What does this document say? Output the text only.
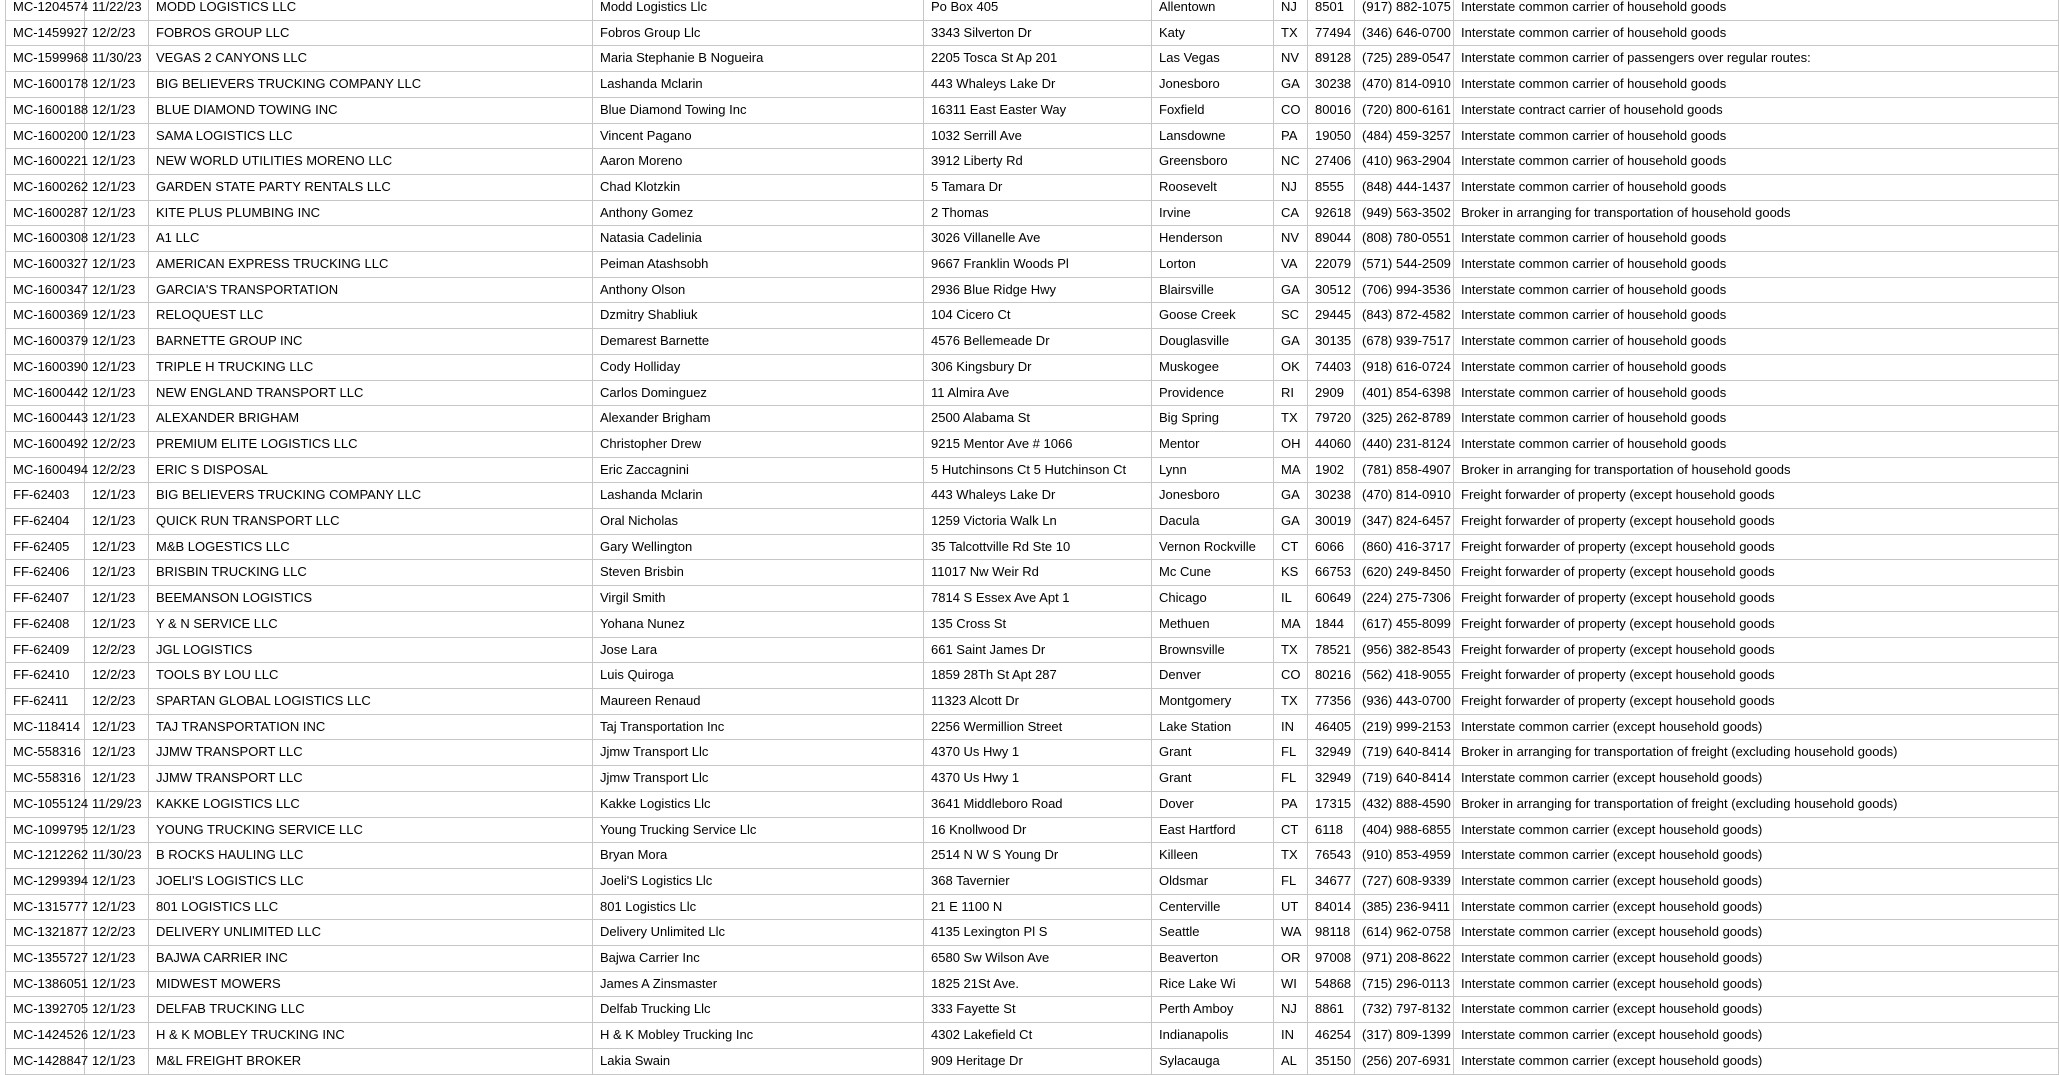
MC-1204574	11/22/23	MODD LOGISTICS LLC	Modd Logistics Llc	Po Box 405	Allentown	NJ	8501	(917) 882-1075	Interstate common carrier of household goods
MC-1459927	12/2/23	FOBROS GROUP LLC	Fobros Group Llc	3343 Silverton Dr	Katy	TX	77494	(346) 646-0700	Interstate common carrier of household goods
MC-1599968	11/30/23	VEGAS 2 CANYONS LLC	Maria Stephanie B Nogueira	2205 Tosca St Ap 201	Las Vegas	NV	89128	(725) 289-0547	Interstate common carrier of passengers over regular routes:
MC-1600178	12/1/23	BIG BELIEVERS TRUCKING COMPANY LLC	Lashanda Mclarin	443 Whaleys Lake Dr	Jonesboro	GA	30238	(470) 814-0910	Interstate common carrier of household goods
MC-1600188	12/1/23	BLUE DIAMOND TOWING INC	Blue Diamond Towing Inc	16311 East Easter Way	Foxfield	CO	80016	(720) 800-6161	Interstate contract carrier of household goods
MC-1600200	12/1/23	SAMA LOGISTICS LLC	Vincent Pagano	1032 Serrill Ave	Lansdowne	PA	19050	(484) 459-3257	Interstate common carrier of household goods
MC-1600221	12/1/23	NEW WORLD UTILITIES MORENO LLC	Aaron Moreno	3912 Liberty Rd	Greensboro	NC	27406	(410) 963-2904	Interstate common carrier of household goods
MC-1600262	12/1/23	GARDEN STATE PARTY RENTALS LLC	Chad Klotzkin	5 Tamara Dr	Roosevelt	NJ	8555	(848) 444-1437	Interstate common carrier of household goods
MC-1600287	12/1/23	KITE PLUS PLUMBING INC	Anthony Gomez	2 Thomas	Irvine	CA	92618	(949) 563-3502	Broker in arranging for transportation of household goods
MC-1600308	12/1/23	A1 LLC	Natasia Cadelinia	3026 Villanelle Ave	Henderson	NV	89044	(808) 780-0551	Interstate common carrier of household goods
MC-1600327	12/1/23	AMERICAN EXPRESS TRUCKING LLC	Peiman Atashsobh	9667 Franklin Woods Pl	Lorton	VA	22079	(571) 544-2509	Interstate common carrier of household goods
MC-1600347	12/1/23	GARCIA'S TRANSPORTATION	Anthony Olson	2936 Blue Ridge Hwy	Blairsville	GA	30512	(706) 994-3536	Interstate common carrier of household goods
MC-1600369	12/1/23	RELOQUEST LLC	Dzmitry Shabliuk	104 Cicero Ct	Goose Creek	SC	29445	(843) 872-4582	Interstate common carrier of household goods
MC-1600379	12/1/23	BARNETTE GROUP INC	Demarest Barnette	4576 Bellemeade Dr	Douglasville	GA	30135	(678) 939-7517	Interstate common carrier of household goods
MC-1600390	12/1/23	TRIPLE H TRUCKING LLC	Cody Holliday	306 Kingsbury Dr	Muskogee	OK	74403	(918) 616-0724	Interstate common carrier of household goods
MC-1600442	12/1/23	NEW ENGLAND TRANSPORT LLC	Carlos Dominguez	11 Almira Ave	Providence	RI	2909	(401) 854-6398	Interstate common carrier of household goods
MC-1600443	12/1/23	ALEXANDER BRIGHAM	Alexander Brigham	2500 Alabama St	Big Spring	TX	79720	(325) 262-8789	Interstate common carrier of household goods
MC-1600492	12/2/23	PREMIUM ELITE LOGISTICS LLC	Christopher Drew	9215 Mentor Ave # 1066	Mentor	OH	44060	(440) 231-8124	Interstate common carrier of household goods
MC-1600494	12/2/23	ERIC S DISPOSAL	Eric Zaccagnini	5 Hutchinsons Ct 5 Hutchinson Ct	Lynn	MA	1902	(781) 858-4907	Broker in arranging for transportation of household goods
FF-62403	12/1/23	BIG BELIEVERS TRUCKING COMPANY LLC	Lashanda Mclarin	443 Whaleys Lake Dr	Jonesboro	GA	30238	(470) 814-0910	Freight forwarder of property (except household goods
FF-62404	12/1/23	QUICK RUN TRANSPORT LLC	Oral Nicholas	1259 Victoria Walk Ln	Dacula	GA	30019	(347) 824-6457	Freight forwarder of property (except household goods
FF-62405	12/1/23	M&B LOGESTICS LLC	Gary Wellington	35 Talcottville Rd Ste 10	Vernon Rockville	CT	6066	(860) 416-3717	Freight forwarder of property (except household goods
FF-62406	12/1/23	BRISBIN TRUCKING LLC	Steven Brisbin	11017 Nw Weir Rd	Mc Cune	KS	66753	(620) 249-8450	Freight forwarder of property (except household goods
FF-62407	12/1/23	BEEMANSON LOGISTICS	Virgil Smith	7814 S Essex Ave Apt 1	Chicago	IL	60649	(224) 275-7306	Freight forwarder of property (except household goods
FF-62408	12/1/23	Y & N SERVICE LLC	Yohana Nunez	135 Cross St	Methuen	MA	1844	(617) 455-8099	Freight forwarder of property (except household goods
FF-62409	12/2/23	JGL LOGISTICS	Jose Lara	661 Saint James Dr	Brownsville	TX	78521	(956) 382-8543	Freight forwarder of property (except household goods
FF-62410	12/2/23	TOOLS BY LOU LLC	Luis Quiroga	1859 28Th St Apt 287	Denver	CO	80216	(562) 418-9055	Freight forwarder of property (except household goods
FF-62411	12/2/23	SPARTAN GLOBAL LOGISTICS LLC	Maureen Renaud	11323 Alcott Dr	Montgomery	TX	77356	(936) 443-0700	Freight forwarder of property (except household goods
MC-118414	12/1/23	TAJ TRANSPORTATION INC	Taj Transportation Inc	2256 Wermillion Street	Lake Station	IN	46405	(219) 999-2153	Interstate common carrier (except household goods)
MC-558316	12/1/23	JJMW TRANSPORT LLC	Jjmw Transport Llc	4370 Us Hwy 1	Grant	FL	32949	(719) 640-8414	Broker in arranging for transportation of freight (excluding household goods)
MC-558316	12/1/23	JJMW TRANSPORT LLC	Jjmw Transport Llc	4370 Us Hwy 1	Grant	FL	32949	(719) 640-8414	Interstate common carrier (except household goods)
MC-1055124	11/29/23	KAKKE LOGISTICS LLC	Kakke Logistics Llc	3641 Middleboro Road	Dover	PA	17315	(432) 888-4590	Broker in arranging for transportation of freight (excluding household goods)
MC-1099795	12/1/23	YOUNG TRUCKING SERVICE LLC	Young Trucking Service Llc	16 Knollwood Dr	East Hartford	CT	6118	(404) 988-6855	Interstate common carrier (except household goods)
MC-1212262	11/30/23	B ROCKS HAULING LLC	Bryan Mora	2514 N W S Young Dr	Killeen	TX	76543	(910) 853-4959	Interstate common carrier (except household goods)
MC-1299394	12/1/23	JOELI'S LOGISTICS LLC	Joeli'S Logistics Llc	368 Tavernier	Oldsmar	FL	34677	(727) 608-9339	Interstate common carrier (except household goods)
MC-1315777	12/1/23	801 LOGISTICS LLC	801 Logistics Llc	21 E 1100 N	Centerville	UT	84014	(385) 236-9411	Interstate common carrier (except household goods)
MC-1321877	12/2/23	DELIVERY UNLIMITED LLC	Delivery Unlimited Llc	4135 Lexington Pl S	Seattle	WA	98118	(614) 962-0758	Interstate common carrier (except household goods)
MC-1355727	12/1/23	BAJWA CARRIER INC	Bajwa Carrier Inc	6580 Sw Wilson Ave	Beaverton	OR	97008	(971) 208-8622	Interstate common carrier (except household goods)
MC-1386051	12/1/23	MIDWEST MOWERS	James A Zinsmaster	1825 21St Ave.	Rice Lake Wi	WI	54868	(715) 296-0113	Interstate common carrier (except household goods)
MC-1392705	12/1/23	DELFAB TRUCKING LLC	Delfab Trucking Llc	333 Fayette St	Perth Amboy	NJ	8861	(732) 797-8132	Interstate common carrier (except household goods)
MC-1424526	12/1/23	H & K MOBLEY TRUCKING INC	H & K Mobley Trucking Inc	4302 Lakefield Ct	Indianapolis	IN	46254	(317) 809-1399	Interstate common carrier (except household goods)
MC-1428847	12/1/23	M&L FREIGHT BROKER	Lakia Swain	909 Heritage Dr	Sylacauga	AL	35150	(256) 207-6931	Interstate common carrier (except household goods)
